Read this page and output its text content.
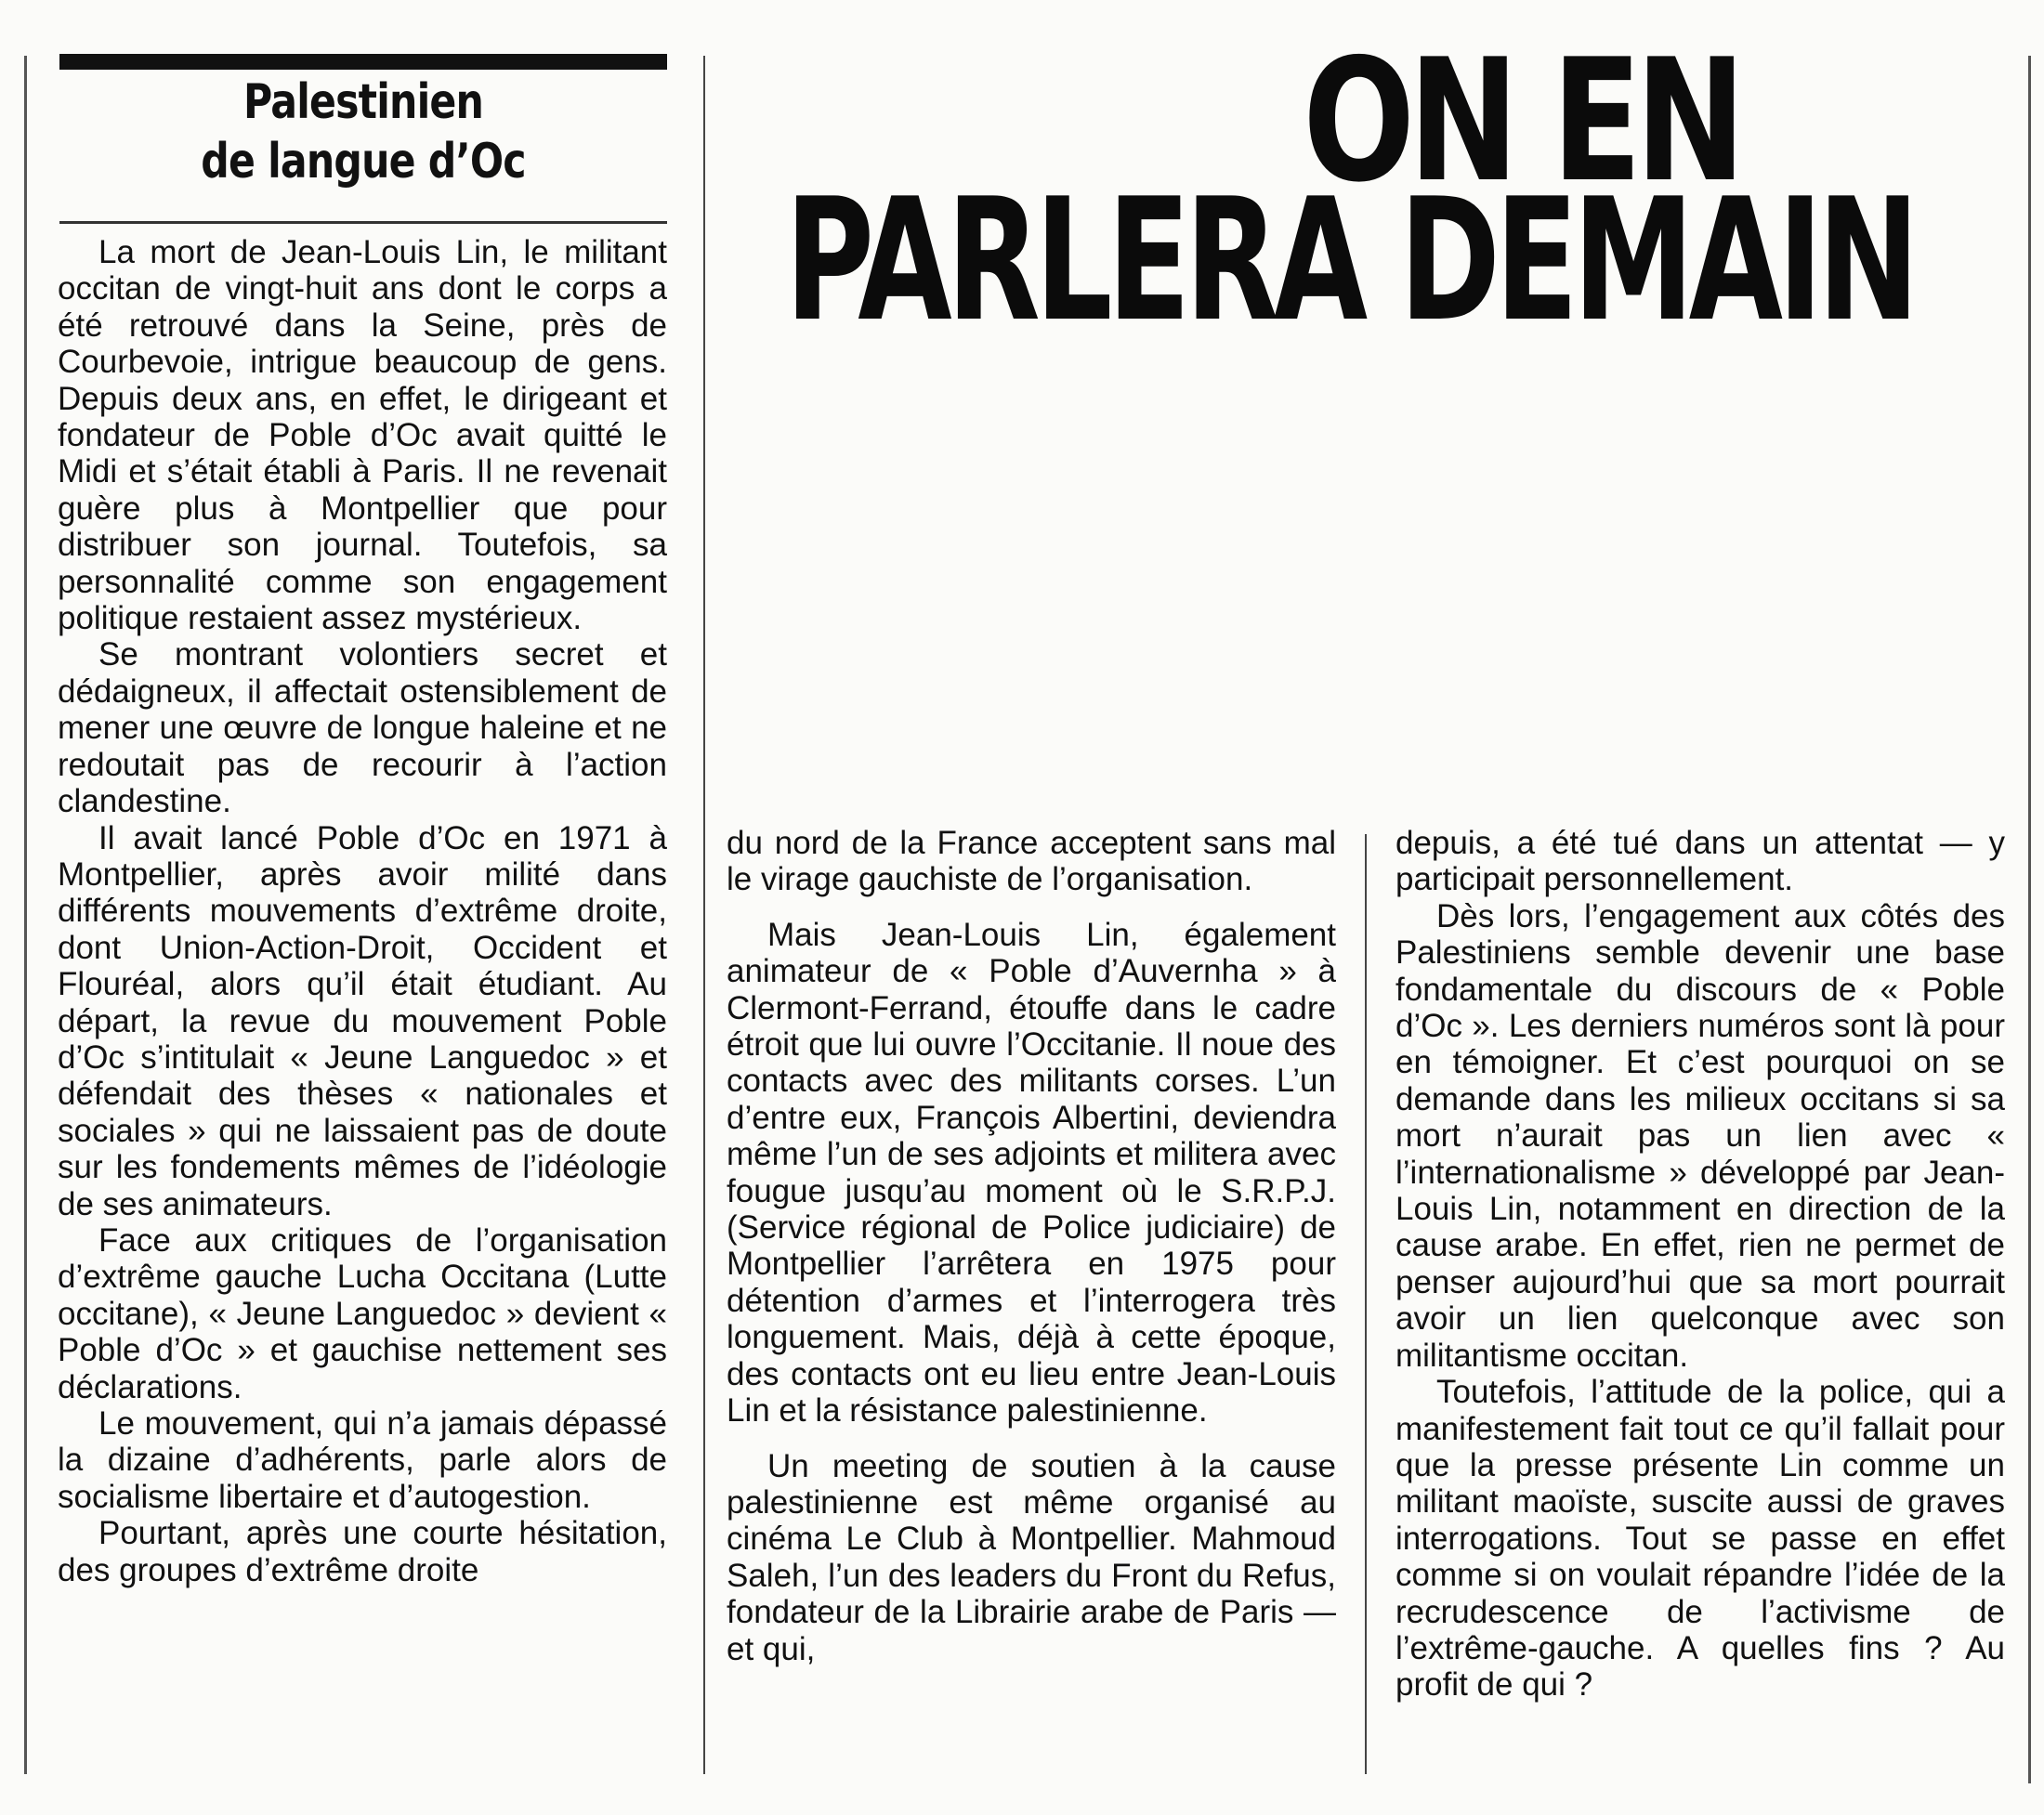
Palestinien
de langue d’Oc

La mort de Jean-Louis Lin, le militant occitan de vingt-huit ans dont le corps a été retrouvé dans la Seine, près de Courbevoie, intrigue beaucoup de gens. Depuis deux ans, en effet, le dirigeant et fondateur de Poble d’Oc avait quitté le Midi et s’était établi à Paris. Il ne revenait guère plus à Montpellier que pour distribuer son journal. Toutefois, sa personnalité comme son engagement politique restaient assez mystérieux.

Se montrant volontiers secret et dédaigneux, il affectait ostensiblement de mener une œuvre de longue haleine et ne redoutait pas de recourir à l’action clandestine.

Il avait lancé Poble d’Oc en 1971 à Montpellier, après avoir milité dans différents mouvements d’extrême droite, dont Union-Action-Droit, Occident et Flouréal, alors qu’il était étudiant. Au départ, la revue du mouvement Poble d’Oc s’intitulait « Jeune Languedoc » et défendait des thèses « nationales et sociales » qui ne laissaient pas de doute sur les fondements mêmes de l’idéologie de ses animateurs.

Face aux critiques de l’organisation d’extrême gauche Lucha Occitana (Lutte occitane), « Jeune Languedoc » devient « Poble d’Oc » et gauchise nettement ses déclarations.

Le mouvement, qui n’a jamais dépassé la dizaine d’adhérents, parle alors de socialisme libertaire et d’autogestion.

Pourtant, après une courte hésitation, des groupes d’extrême droite

ON EN
PARLERA DEMAIN

du nord de la France acceptent sans mal le virage gauchiste de l’organisation.

Mais Jean-Louis Lin, également animateur de « Poble d’Auvernha » à Clermont-Ferrand, étouffe dans le cadre étroit que lui ouvre l’Occitanie. Il noue des contacts avec des militants corses. L’un d’entre eux, François Albertini, deviendra même l’un de ses adjoints et militera avec fougue jusqu’au moment où le S.R.P.J. (Service régional de Police judiciaire) de Montpellier l’arrêtera en 1975 pour détention d’armes et l’interrogera très longuement. Mais, déjà à cette époque, des contacts ont eu lieu entre Jean-Louis Lin et la résistance palestinienne.

Un meeting de soutien à la cause palestinienne est même organisé au cinéma Le Club à Montpellier. Mahmoud Saleh, l’un des leaders du Front du Refus, fondateur de la Librairie arabe de Paris — et qui,

depuis, a été tué dans un attentat — y participait personnellement.

Dès lors, l’engagement aux côtés des Palestiniens semble devenir une base fondamentale du discours de « Poble d’Oc ». Les derniers numéros sont là pour en témoigner. Et c’est pourquoi on se demande dans les milieux occitans si sa mort n’aurait pas un lien avec « l’internationalisme » développé par Jean-Louis Lin, notamment en direction de la cause arabe. En effet, rien ne permet de penser aujourd’hui que sa mort pourrait avoir un lien quelconque avec son militantisme occitan.

Toutefois, l’attitude de la police, qui a manifestement fait tout ce qu’il fallait pour que la presse présente Lin comme un militant maoïste, suscite aussi de graves interrogations. Tout se passe en effet comme si on voulait répandre l’idée de la recrudescence de l’activisme de l’extrême-gauche. A quelles fins ? Au profit de qui ?
